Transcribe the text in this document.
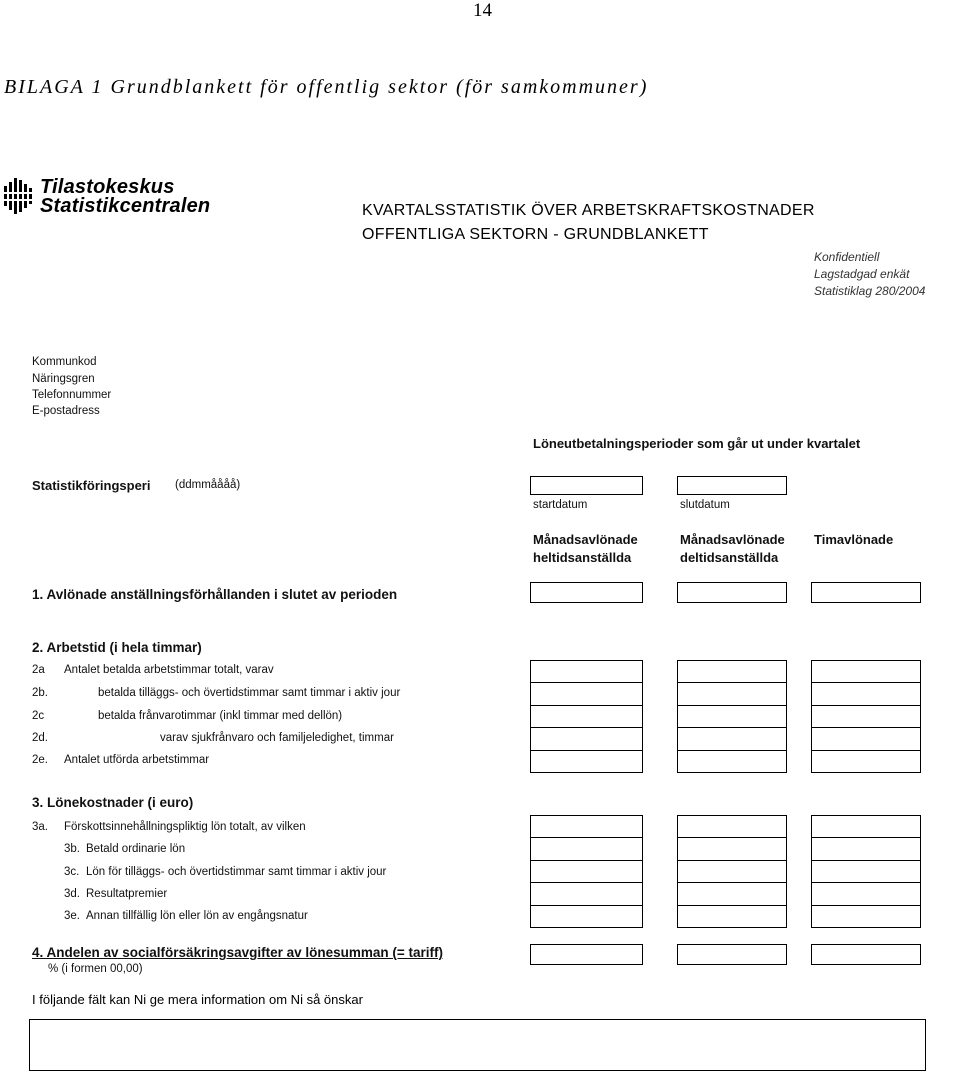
14
BILAGA 1 Grundblankett för offentlig sektor (för samkommuner)
Tilastokeskus
Statistikcentralen	KVARTALSSTATISTIK ÖVER ARBETSKRAFTSKOSTNADER
OFFENTLIGA SEKTORN - GRUNDBLANKETT
Konfidentiell
Lagstadgad enkät
Statistiklag 280/2004
Kommunkod
Näringsgren
Telefonnummer
E-postadress
Löneutbetalningsperioder som går ut under kvartalet
Statistikföringsperi (ddmmåååå)
startdatum	slutdatum
Månadsavlönade
heltidsanställda
Månadsavlönade
deltidsanställda
Timavlönade
1. Avlönade anställningsförhållanden i slutet av perioden
2. Arbetstid (i hela timmar)
2a Antalet betalda arbetstimmar totalt, varav
2b.	betalda tilläggs- och övertidstimmar samt timmar i aktiv jour
2c	betalda frånvarotimmar (inkl timmar med dellön)
2d.	varav sjukfrånvaro och familjeledighet, timmar
2e. Antalet utförda arbetstimmar
3. Lönekostnader (i euro)
3a. Förskottsinnehållningspliktig lön totalt, av vilken
3b. Betald ordinarie lön
3c. Lön för tilläggs- och övertidstimmar samt timmar i aktiv jour
3d. Resultatpremier
3e. Annan tillfällig lön eller lön av engångsnatur
4. Andelen av socialförsäkringsavgifter av lönesumman (= tariff)
% (i formen 00,00)
I följande fält kan Ni ge mera information om Ni så önskar
